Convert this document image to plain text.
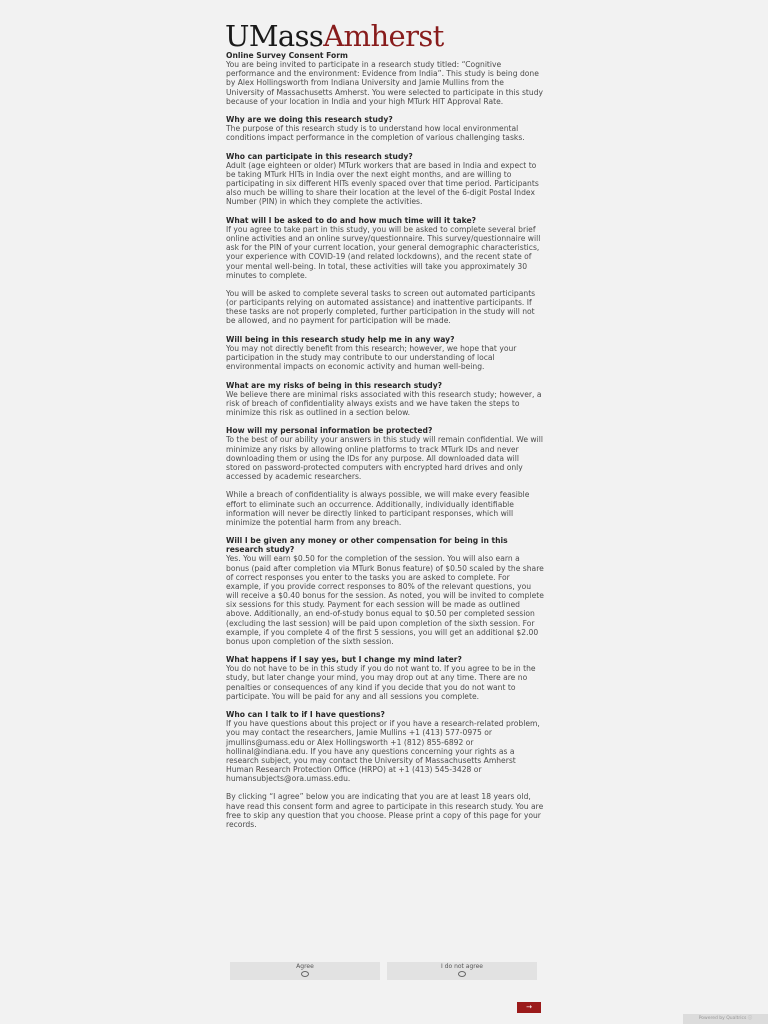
UMassAmherst
Online Survey Consent Form

You are being invited to participate in a research study titled: “Cognitive performance and the environment: Evidence from India”. This study is being done by Alex Hollingsworth from Indiana University and Jamie Mullins from the University of Massachusetts Amherst. You were selected to participate in this study because of your location in India and your high MTurk HIT Approval Rate.

Why are we doing this research study?

The purpose of this research study is to understand how local environmental conditions impact performance in the completion of various challenging tasks.

Who can participate in this research study?

Adult (age eighteen or older) MTurk workers that are based in India and expect to be taking MTurk HITs in India over the next eight months, and are willing to participating in six different HITs evenly spaced over that time period. Participants also much be willing to share their location at the level of the 6-digit Postal Index Number (PIN) in which they complete the activities.

What will I be asked to do and how much time will it take?

If you agree to take part in this study, you will be asked to complete several brief online activities and an online survey/questionnaire. This survey/questionnaire will ask for the PIN of your current location, your general demographic characteristics, your experience with COVID-19 (and related lockdowns), and the recent state of your mental well-being. In total, these activities will take you approximately 30 minutes to complete.

You will be asked to complete several tasks to screen out automated participants (or participants relying on automated assistance) and inattentive participants. If these tasks are not properly completed, further participation in the study will not be allowed, and no payment for participation will be made.

Will being in this research study help me in any way?

You may not directly benefit from this research; however, we hope that your participation in the study may contribute to our understanding of local environmental impacts on economic activity and human well-being.

What are my risks of being in this research study?

We believe there are minimal risks associated with this research study; however, a risk of breach of confidentiality always exists and we have taken the steps to minimize this risk as outlined in a section below.

How will my personal information be protected?

To the best of our ability your answers in this study will remain confidential. We will minimize any risks by allowing online platforms to track MTurk IDs and never downloading them or using the IDs for any purpose. All downloaded data will stored on password-protected computers with encrypted hard drives and only accessed by academic researchers.

While a breach of confidentiality is always possible, we will make every feasible effort to eliminate such an occurrence. Additionally, individually identifiable information will never be directly linked to participant responses, which will minimize the potential harm from any breach.

Will I be given any money or other compensation for being in this research study?

Yes. You will earn $0.50 for the completion of the session. You will also earn a bonus (paid after completion via MTurk Bonus feature) of $0.50 scaled by the share of correct responses you enter to the tasks you are asked to complete. For example, if you provide correct responses to 80% of the relevant questions, you will receive a $0.40 bonus for the session. As noted, you will be invited to complete six sessions for this study. Payment for each session will be made as outlined above. Additionally, an end-of-study bonus equal to $0.50 per completed session (excluding the last session) will be paid upon completion of the sixth session. For example, if you complete 4 of the first 5 sessions, you will get an additional $2.00 bonus upon completion of the sixth session.

What happens if I say yes, but I change my mind later?

You do not have to be in this study if you do not want to. If you agree to be in the study, but later change your mind, you may drop out at any time. There are no penalties or consequences of any kind if you decide that you do not want to participate. You will be paid for any and all sessions you complete.

Who can I talk to if I have questions?

If you have questions about this project or if you have a research-related problem, you may contact the researchers, Jamie Mullins +1 (413) 577-0975 or jmullins@umass.edu or Alex Hollingsworth +1 (812) 855-6892 or hollinal@indiana.edu. If you have any questions concerning your rights as a research subject, you may contact the University of Massachusetts Amherst Human Research Protection Office (HRPO) at +1 (413) 545-3428 or humansubjects@ora.umass.edu.

By clicking “I agree” below you are indicating that you are at least 18 years old, have read this consent form and agree to participate in this research study. You are free to skip any question that you choose. Please print a copy of this page for your records.

Agree	I do not agree
→
Powered by Qualtrics ⓘ
